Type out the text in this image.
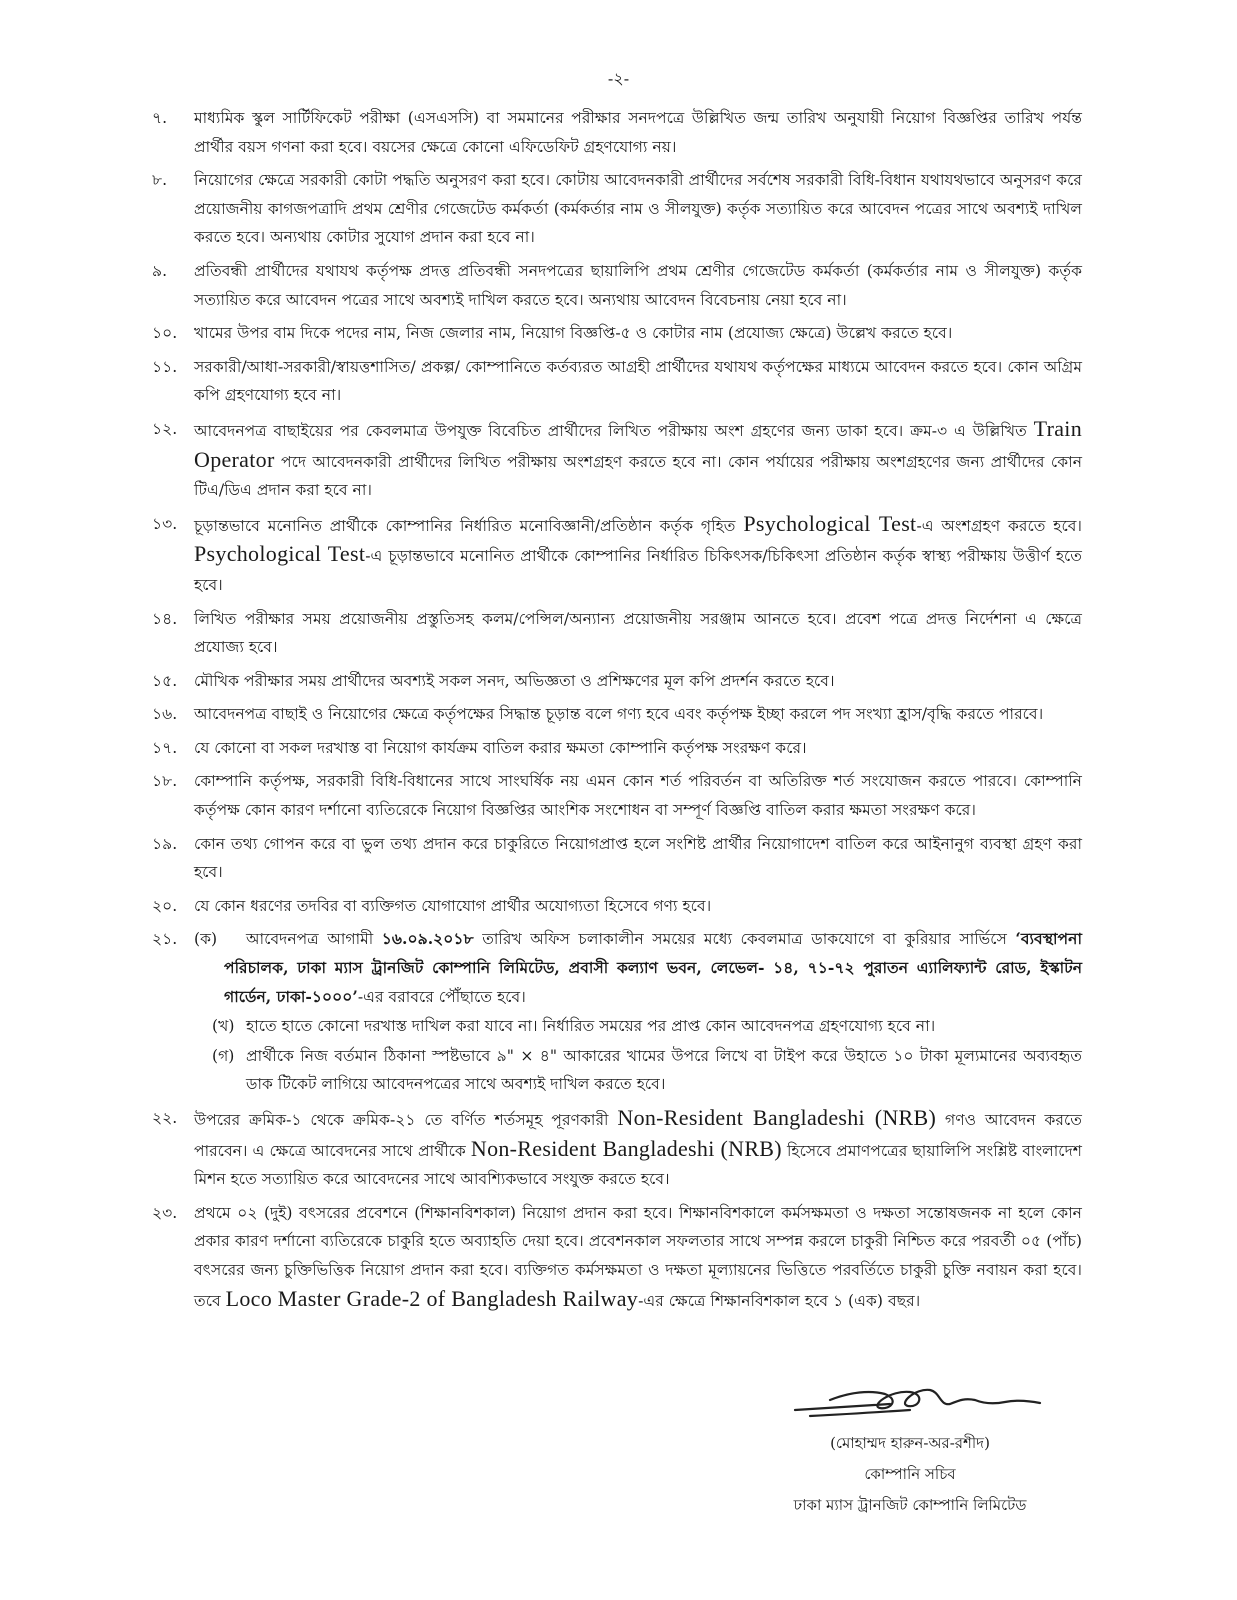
-২-
৭. মাধ্যমিক স্কুল সার্টিফিকেট পরীক্ষা (এসএসসি) বা সমমানের পরীক্ষার সনদপত্রে উল্লিখিত জন্ম তারিখ অনুযায়ী নিয়োগ বিজ্ঞপ্তির তারিখ পর্যন্ত প্রার্থীর বয়স গণনা করা হবে। বয়সের ক্ষেত্রে কোনো এফিডেফিট গ্রহণযোগ্য নয়।
৮. নিয়োগের ক্ষেত্রে সরকারী কোটা পদ্ধতি অনুসরণ করা হবে। কোটায় আবেদনকারী প্রার্থীদের সর্বশেষ সরকারী বিধি-বিধান যথাযথভাবে অনুসরণ করে প্রয়োজনীয় কাগজপত্রাদি প্রথম শ্রেণীর গেজেটেড কর্মকর্তা (কর্মকর্তার নাম ও সীলযুক্ত) কর্তৃক সত্যায়িত করে আবেদন পত্রের সাথে অবশ্যই দাখিল করতে হবে। অন্যথায় কোটার সুযোগ প্রদান করা হবে না।
৯. প্রতিবন্ধী প্রার্থীদের যথাযথ কর্তৃপক্ষ প্রদত্ত প্রতিবন্ধী সনদপত্রের ছায়ালিপি প্রথম শ্রেণীর গেজেটেড কর্মকর্তা (কর্মকর্তার নাম ও সীলযুক্ত) কর্তৃক সত্যায়িত করে আবেদন পত্রের সাথে অবশ্যই দাখিল করতে হবে। অন্যথায় আবেদন বিবেচনায় নেয়া হবে না।
১০. খামের উপর বাম দিকে পদের নাম, নিজ জেলার নাম, নিয়োগ বিজ্ঞপ্তি-৫ ও কোটার নাম (প্রযোজ্য ক্ষেত্রে) উল্লেখ করতে হবে।
১১. সরকারী/আধা-সরকারী/স্বায়ত্তশাসিত/ প্রকল্প/ কোম্পানিতে কর্তব্যরত আগ্রহী প্রার্থীদের যথাযথ কর্তৃপক্ষের মাধ্যমে আবেদন করতে হবে। কোন অগ্রিম কপি গ্রহণযোগ্য হবে না।
১২. আবেদনপত্র বাছাইয়ের পর কেবলমাত্র উপযুক্ত বিবেচিত প্রার্থীদের লিখিত পরীক্ষায় অংশ গ্রহণের জন্য ডাকা হবে। ক্রম-৩ এ উল্লিখিত Train Operator পদে আবেদনকারী প্রার্থীদের লিখিত পরীক্ষায় অংশগ্রহণ করতে হবে না। কোন পর্যায়ের পরীক্ষায় অংশগ্রহণের জন্য প্রার্থীদের কোন টিএ/ডিএ প্রদান করা হবে না।
১৩. চূড়ান্তভাবে মনোনিত প্রার্থীকে কোম্পানির নির্ধারিত মনোবিজ্ঞানী/প্রতিষ্ঠান কর্তৃক গৃহিত Psychological Test-এ অংশগ্রহণ করতে হবে। Psychological Test-এ চূড়ান্তভাবে মনোনিত প্রার্থীকে কোম্পানির নির্ধারিত চিকিৎসক/চিকিৎসা প্রতিষ্ঠান কর্তৃক স্বাস্থ্য পরীক্ষায় উত্তীর্ণ হতে হবে।
১৪. লিখিত পরীক্ষার সময় প্রয়োজনীয় প্রস্তুতিসহ কলম/পেন্সিল/অন্যান্য প্রয়োজনীয় সরঞ্জাম আনতে হবে। প্রবেশ পত্রে প্রদত্ত নির্দেশনা এ ক্ষেত্রে প্রযোজ্য হবে।
১৫. মৌখিক পরীক্ষার সময় প্রার্থীদের অবশ্যই সকল সনদ, অভিজ্ঞতা ও প্রশিক্ষণের মূল কপি প্রদর্শন করতে হবে।
১৬. আবেদনপত্র বাছাই ও নিয়োগের ক্ষেত্রে কর্তৃপক্ষের সিদ্ধান্ত চূড়ান্ত বলে গণ্য হবে এবং কর্তৃপক্ষ ইচ্ছা করলে পদ সংখ্যা হ্রাস/বৃদ্ধি করতে পারবে।
১৭. যে কোনো বা সকল দরখাস্ত বা নিয়োগ কার্যক্রম বাতিল করার ক্ষমতা কোম্পানি কর্তৃপক্ষ সংরক্ষণ করে।
১৮. কোম্পানি কর্তৃপক্ষ, সরকারী বিধি-বিধানের সাথে সাংঘর্ষিক নয় এমন কোন শর্ত পরিবর্তন বা অতিরিক্ত শর্ত সংযোজন করতে পারবে। কোম্পানি কর্তৃপক্ষ কোন কারণ দর্শানো ব্যতিরেকে নিয়োগ বিজ্ঞপ্তির আংশিক সংশোধন বা সম্পূর্ণ বিজ্ঞপ্তি বাতিল করার ক্ষমতা সংরক্ষণ করে।
১৯. কোন তথ্য গোপন করে বা ভুল তথ্য প্রদান করে চাকুরিতে নিয়োগপ্রাপ্ত হলে সংশিষ্ট প্রার্থীর নিয়োগাদেশ বাতিল করে আইনানুগ ব্যবস্থা গ্রহণ করা হবে।
২০. যে কোন ধরণের তদবির বা ব্যক্তিগত যোগাযোগ প্রার্থীর অযোগ্যতা হিসেবে গণ্য হবে।
২১. (ক) আবেদনপত্র আগামী ১৬.০৯.২০১৮ তারিখ অফিস চলাকালীন সময়ের মধ্যে কেবলমাত্র ডাকযোগে বা কুরিয়ার সার্ভিসে ‘ব্যবস্থাপনা পরিচালক, ঢাকা ম্যাস ট্রানজিট কোম্পানি লিমিটেড, প্রবাসী কল্যাণ ভবন, লেভেল- ১৪, ৭১-৭২ পুরাতন এ্যালিফ্যান্ট রোড, ইস্কাটন গার্ডেন, ঢাকা-১০০০’-এর বরাবরে পৌঁছাতে হবে।
(খ) হাতে হাতে কোনো দরখাস্ত দাখিল করা যাবে না। নির্ধারিত সময়ের পর প্রাপ্ত কোন আবেদনপত্র গ্রহণযোগ্য হবে না।
(গ) প্রার্থীকে নিজ বর্তমান ঠিকানা স্পষ্টভাবে ৯" × ৪" আকারের খামের উপরে লিখে বা টাইপ করে উহাতে ১০ টাকা মূল্যমানের অব্যবহৃত ডাক টিকেট লাগিয়ে আবেদনপত্রের সাথে অবশ্যই দাখিল করতে হবে।
২২. উপরের ক্রমিক-১ থেকে ক্রমিক-২১ তে বর্ণিত শর্তসমূহ পূরণকারী Non-Resident Bangladeshi (NRB) গণও আবেদন করতে পারবেন। এ ক্ষেত্রে আবেদনের সাথে প্রার্থীকে Non-Resident Bangladeshi (NRB) হিসেবে প্রমাণপত্রের ছায়ালিপি সংশ্লিষ্ট বাংলাদেশ মিশন হতে সত্যায়িত করে আবেদনের সাথে আবশ্যিকভাবে সংযুক্ত করতে হবে।
২৩. প্রথমে ০২ (দুই) বৎসরের প্রবেশনে (শিক্ষানবিশকাল) নিয়োগ প্রদান করা হবে। শিক্ষানবিশকালে কর্মসক্ষমতা ও দক্ষতা সন্তোষজনক না হলে কোন প্রকার কারণ দর্শানো ব্যতিরেকে চাকুরি হতে অব্যাহতি দেয়া হবে। প্রবেশনকাল সফলতার সাথে সম্পন্ন করলে চাকুরী নিশ্চিত করে পরবর্তী ০৫ (পাঁচ) বৎসরের জন্য চুক্তিভিত্তিক নিয়োগ প্রদান করা হবে। ব্যক্তিগত কর্মসক্ষমতা ও দক্ষতা মূল্যায়নের ভিত্তিতে পরবর্তিতে চাকুরী চুক্তি নবায়ন করা হবে। তবে Loco Master Grade-2 of Bangladesh Railway-এর ক্ষেত্রে শিক্ষানবিশকাল হবে ১ (এক) বছর।
(মোহাম্মদ হারুন-অর-রশীদ)
কোম্পানি সচিব
ঢাকা ম্যাস ট্রানজিট কোম্পানি লিমিটেড
